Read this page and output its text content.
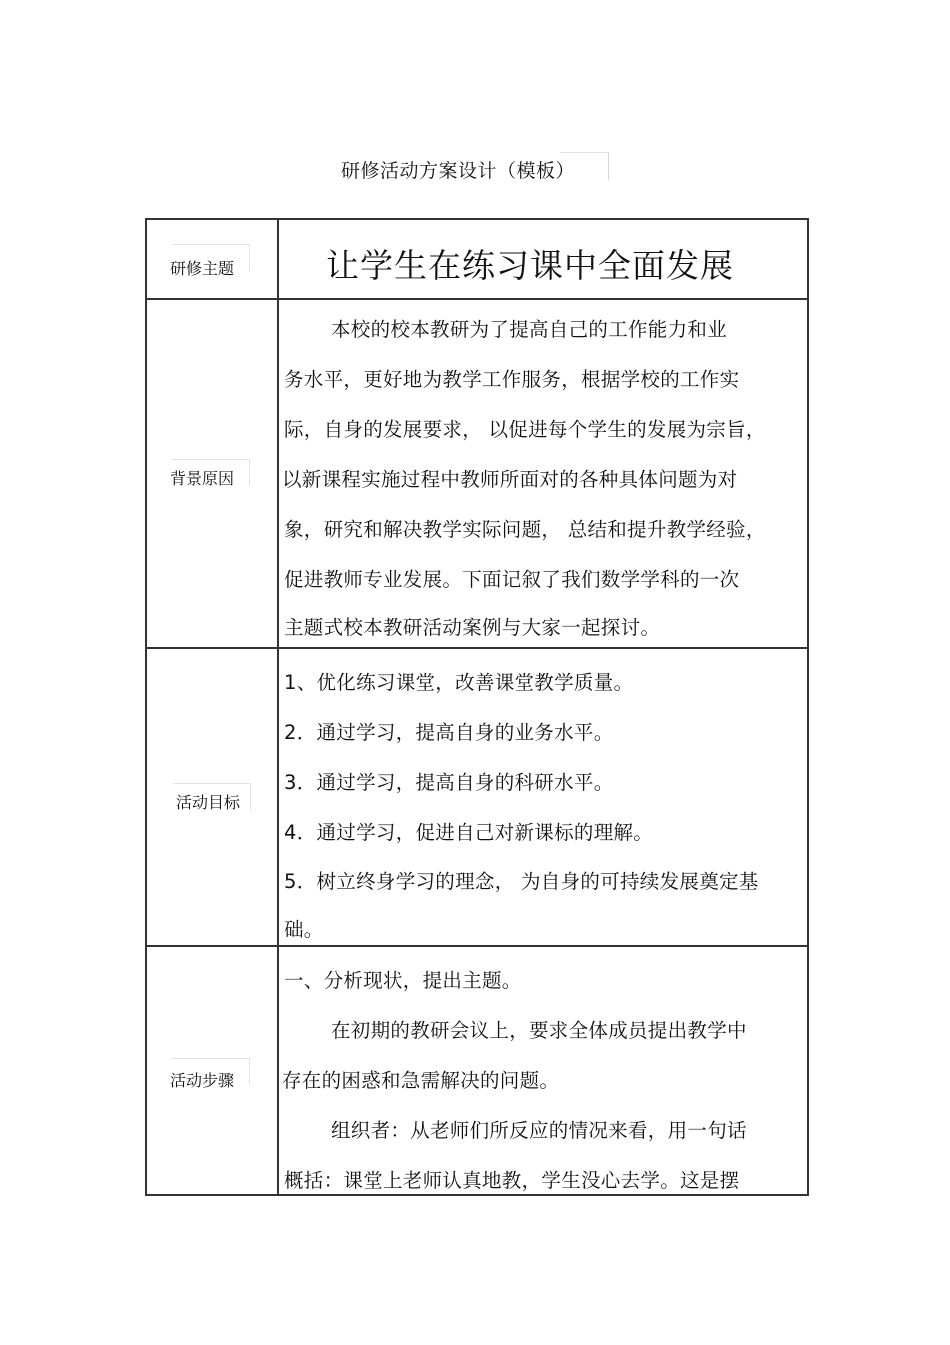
研修活动方案设计（模板）
研修主题	让学生在练习课中全面发展
背景原因
本校的校本教研为了提高自己的工作能力和业
务水平，更好地为教学工作服务，根据学校的工作实
际，自身的发展要求， 以促进每个学生的发展为宗旨，
以新课程实施过程中教师所面对的各种具体问题为对
象，研究和解决教学实际问题， 总结和提升教学经验，
促进教师专业发展。下面记叙了我们数学学科的一次
主题式校本教研活动案例与大家一起探讨。
活动目标
1、优化练习课堂，改善课堂教学质量。
2．通过学习，提高自身的业务水平。
3．通过学习，提高自身的科研水平。
4．通过学习，促进自己对新课标的理解。
5．树立终身学习的理念， 为自身的可持续发展奠定基
础。
活动步骤
一、分析现状，提出主题。
在初期的教研会议上，要求全体成员提出教学中
存在的困惑和急需解决的问题。
组织者：从老师们所反应的情况来看，用一句话
概括：课堂上老师认真地教，学生没心去学。这是摆
